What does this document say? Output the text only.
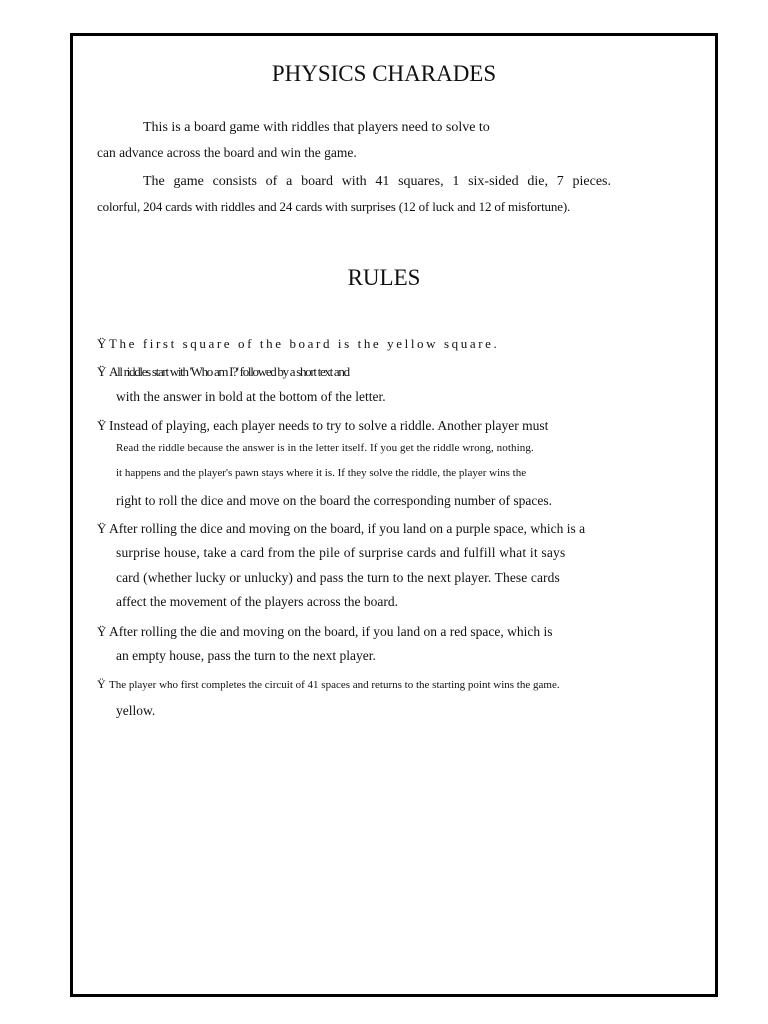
PHYSICS CHARADES
This is a board game with riddles that players need to solve to
can advance across the board and win the game.
The game consists of a board with 41 squares, 1 six-sided die, 7 pieces.
colorful, 204 cards with riddles and 24 cards with surprises (12 of luck and 12 of misfortune).
RULES
Ÿ The first square of the board is the yellow square.
Ÿ All riddles start with 'Who am I?' followed by a short text and
with the answer in bold at the bottom of the letter.
Ÿ Instead of playing, each player needs to try to solve a riddle. Another player must
Read the riddle because the answer is in the letter itself. If you get the riddle wrong, nothing.
it happens and the player's pawn stays where it is. If they solve the riddle, the player wins the
right to roll the dice and move on the board the corresponding number of spaces.
Ÿ After rolling the dice and moving on the board, if you land on a purple space, which is a
surprise house, take a card from the pile of surprise cards and fulfill what it says
card (whether lucky or unlucky) and pass the turn to the next player. These cards
affect the movement of the players across the board.
Ÿ After rolling the die and moving on the board, if you land on a red space, which is
an empty house, pass the turn to the next player.
Ÿ The player who first completes the circuit of 41 spaces and returns to the starting point wins the game.
yellow.
